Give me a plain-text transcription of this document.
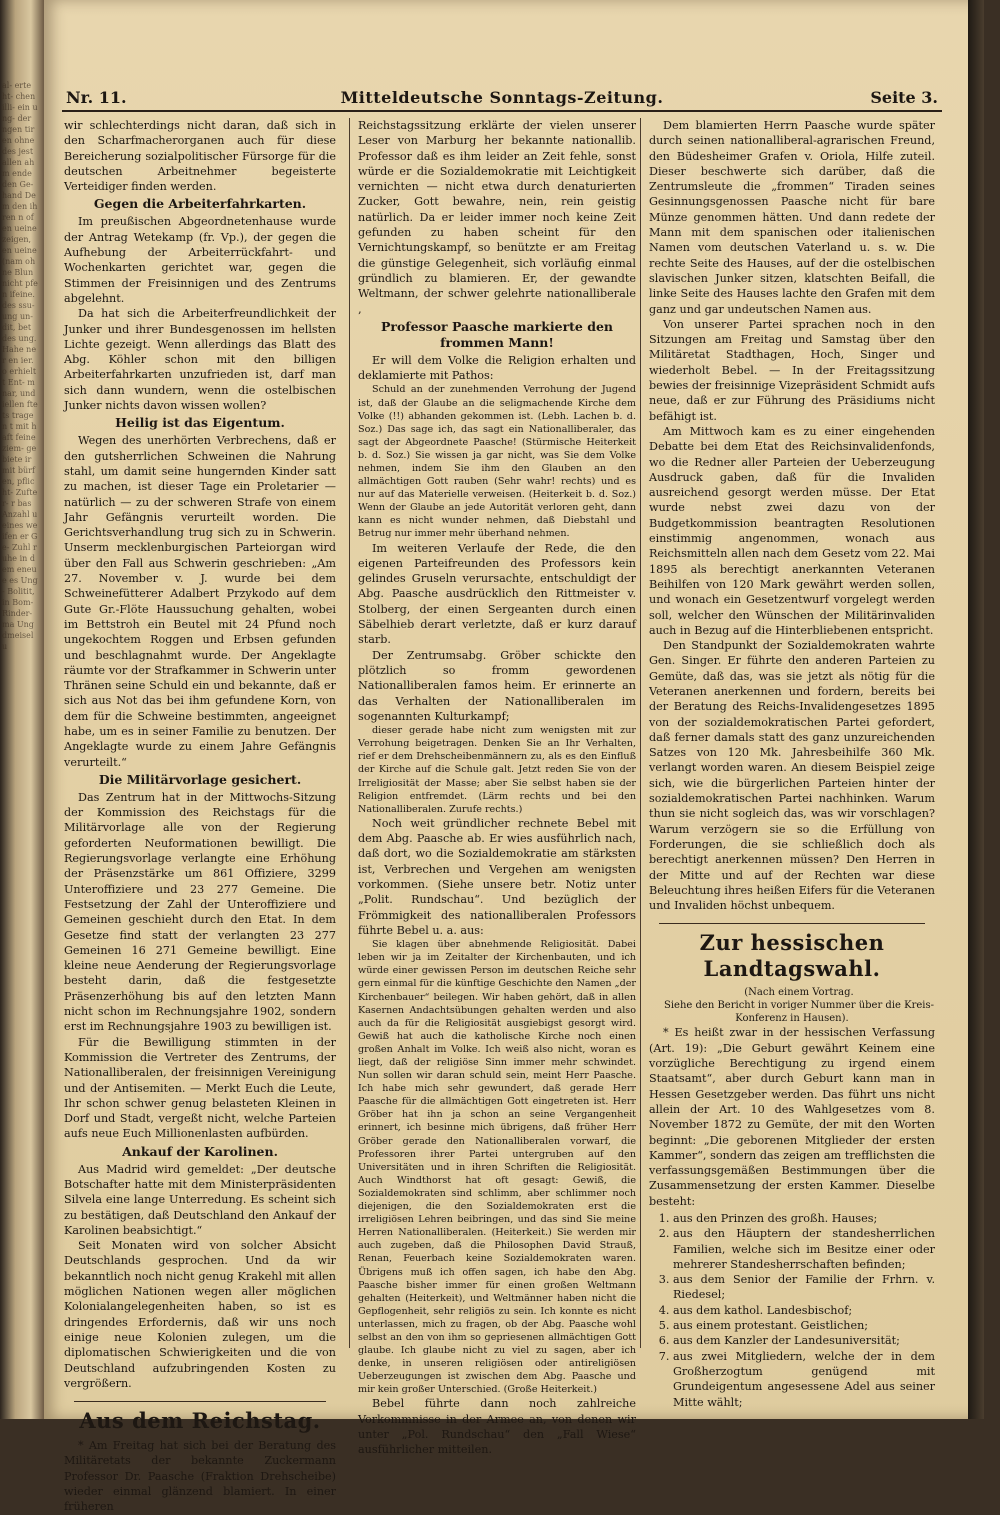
al- erte ht- chen illi- ein ung- der ngen tiren ohne des jest allen ahm ende den Ge- hand Dem den ihren n ofen ueine zeigen, en ueine (nam ohne Blun nicht pfen ifeine. des ssu- ung un- dit, bet des ung. Hahe ner en ier. o erhielt t Ent- mnar, und iellen ftets tragen t mit haft feine ziem- gebiete ir mit bürfen, pflicht- Zufter- r bas Anzahl ueines weifen er Ge- Zuhl ruhe in dem eneue es Ung- Bolitit, in Bom- Rinder- ma Ung dmeiselu
Nr. 11.	Mitteldeutsche Sonntags-Zeitung.	Seite 3.

wir schlechterdings nicht daran, daß sich in den Scharfmacherorganen auch für diese Bereicherung sozialpolitischer Fürsorge für die deutschen Arbeitnehmer begeisterte Verteidiger finden werden.

Gegen die Arbeiterfahrkarten.

Im preußischen Abgeordnetenhause wurde der Antrag Wetekamp (fr. Vp.), der gegen die Aufhebung der Arbeiterrückfahrt- und Wochenkarten gerichtet war, gegen die Stimmen der Freisinnigen und des Zentrums abgelehnt.

Da hat sich die Arbeiterfreundlichkeit der Junker und ihrer Bundesgenossen im hellsten Lichte gezeigt. Wenn allerdings das Blatt des Abg. Köhler schon mit den billigen Arbeiterfahrkarten unzufrieden ist, darf man sich dann wundern, wenn die ostelbischen Junker nichts davon wissen wollen?

Heilig ist das Eigentum.

Wegen des unerhörten Verbrechens, daß er den gutsherrlichen Schweinen die Nahrung stahl, um damit seine hungernden Kinder satt zu machen, ist dieser Tage ein Proletarier — natürlich — zu der schweren Strafe von einem Jahr Gefängnis verurteilt worden. Die Gerichtsverhandlung trug sich zu in Schwerin. Unserm mecklenburgischen Parteiorgan wird über den Fall aus Schwerin geschrieben: „Am 27. November v. J. wurde bei dem Schweinefütterer Adalbert Przykodo auf dem Gute Gr.-Flöte Haussuchung gehalten, wobei im Bettstroh ein Beutel mit 24 Pfund noch ungekochtem Roggen und Erbsen gefunden und beschlagnahmt wurde. Der Angeklagte räumte vor der Strafkammer in Schwerin unter Thränen seine Schuld ein und bekannte, daß er sich aus Not das bei ihm gefundene Korn, von dem für die Schweine bestimmten, angeeignet habe, um es in seiner Familie zu benutzen. Der Angeklagte wurde zu einem Jahre Gefängnis verurteilt.“

Die Militärvorlage gesichert.

Das Zentrum hat in der Mittwochs-Sitzung der Kommission des Reichstags für die Militärvorlage alle von der Regierung geforderten Neuformationen bewilligt. Die Regierungsvorlage verlangte eine Erhöhung der Präsenzstärke um 861 Offiziere, 3299 Unteroffiziere und 23 277 Gemeine. Die Festsetzung der Zahl der Unteroffiziere und Gemeinen geschieht durch den Etat. In dem Gesetze find statt der verlangten 23 277 Gemeinen 16 271 Gemeine bewilligt. Eine kleine neue Aenderung der Regierungsvorlage besteht darin, daß die festgesetzte Präsenzerhöhung bis auf den letzten Mann nicht schon im Rechnungsjahre 1902, sondern erst im Rechnungsjahre 1903 zu bewilligen ist.

Für die Bewilligung stimmten in der Kommission die Vertreter des Zentrums, der Nationalliberalen, der freisinnigen Vereinigung und der Antisemiten. — Merkt Euch die Leute, Ihr schon schwer genug belasteten Kleinen in Dorf und Stadt, vergeßt nicht, welche Parteien aufs neue Euch Millionenlasten aufbürden.

Ankauf der Karolinen.

Aus Madrid wird gemeldet: „Der deutsche Botschafter hatte mit dem Ministerpräsidenten Silvela eine lange Unterredung. Es scheint sich zu bestätigen, daß Deutschland den Ankauf der Karolinen beabsichtigt.“

Seit Monaten wird von solcher Absicht Deutschlands gesprochen. Und da wir bekanntlich noch nicht genug Krakehl mit allen möglichen Nationen wegen aller möglichen Kolonialangelegenheiten haben, so ist es dringendes Erfordernis, daß wir uns noch einige neue Kolonien zulegen, um die diplomatischen Schwierigkeiten und die von Deutschland aufzubringenden Kosten zu vergrößern.

Aus dem Reichstag.

* Am Freitag hat sich bei der Beratung des Militäretats der bekannte Zuckermann Professor Dr. Paasche (Fraktion Drehscheibe) wieder einmal glänzend blamiert. In einer früheren

Reichstagssitzung erklärte der vielen unserer Leser von Marburg her bekannte nationallib. Professor daß es ihm leider an Zeit fehle, sonst würde er die Sozialdemokratie mit Leichtigkeit vernichten — nicht etwa durch denaturierten Zucker, Gott bewahre, nein, rein geistig natürlich. Da er leider immer noch keine Zeit gefunden zu haben scheint für den Vernichtungskampf, so benützte er am Freitag die günstige Gelegenheit, sich vorläufig einmal gründlich zu blamieren. Er, der gewandte Weltmann, der schwer gelehrte nationalliberale ‚

Professor Paasche markierte den frommen Mann!

Er will dem Volke die Religion erhalten und deklamierte mit Pathos:

Schuld an der zunehmenden Verrohung der Jugend ist, daß der Glaube an die seligmachende Kirche dem Volke (!!) abhanden gekommen ist. (Lebh. Lachen b. d. Soz.) Das sage ich, das sagt ein Nationalliberaler, das sagt der Abgeordnete Paasche! (Stürmische Heiterkeit b. d. Soz.) Sie wissen ja gar nicht, was Sie dem Volke nehmen, indem Sie ihm den Glauben an den allmächtigen Gott rauben (Sehr wahr! rechts) und es nur auf das Materielle verweisen. (Heiterkeit b. d. Soz.) Wenn der Glaube an jede Autorität verloren geht, dann kann es nicht wunder nehmen, daß Diebstahl und Betrug nur immer mehr überhand nehmen.

Im weiteren Verlaufe der Rede, die den eigenen Parteifreunden des Professors kein gelindes Gruseln verursachte, entschuldigt der Abg. Paasche ausdrücklich den Rittmeister v. Stolberg, der einen Sergeanten durch einen Säbelhieb derart verletzte, daß er kurz darauf starb.

Der Zentrumsabg. Gröber schickte den plötzlich so fromm gewordenen Nationalliberalen famos heim. Er erinnerte an das Verhalten der Nationalliberalen im sogenannten Kulturkampf;

dieser gerade habe nicht zum wenigsten mit zur Verrohung beigetragen. Denken Sie an Ihr Verhalten, rief er dem Drehscheibenmännern zu, als es den Einfluß der Kirche auf die Schule galt. Jetzt reden Sie von der Irreligiosität der Masse; aber Sie selbst haben sie der Religion entfremdet. (Lärm rechts und bei den Nationalliberalen. Zurufe rechts.)

Noch weit gründlicher rechnete Bebel mit dem Abg. Paasche ab. Er wies ausführlich nach, daß dort, wo die Sozialdemokratie am stärksten ist, Verbrechen und Vergehen am wenigsten vorkommen. (Siehe unsere betr. Notiz unter „Polit. Rundschau“. Und bezüglich der Frömmigkeit des nationalliberalen Professors führte Bebel u. a. aus:

Sie klagen über abnehmende Religiosität. Dabei leben wir ja im Zeitalter der Kirchenbauten, und ich würde einer gewissen Person im deutschen Reiche sehr gern einmal für die künftige Geschichte den Namen „der Kirchenbauer“ beilegen. Wir haben gehört, daß in allen Kasernen Andachtsübungen gehalten werden und also auch da für die Religiosität ausgiebigst gesorgt wird. Gewiß hat auch die katholische Kirche noch einen großen Anhalt im Volke. Ich weiß also nicht, woran es liegt, daß der religiöse Sinn immer mehr schwindet. Nun sollen wir daran schuld sein, meint Herr Paasche. Ich habe mich sehr gewundert, daß gerade Herr Paasche für die allmächtigen Gott eingetreten ist. Herr Gröber hat ihn ja schon an seine Vergangenheit erinnert, ich besinne mich übrigens, daß früher Herr Gröber gerade den Nationalliberalen vorwarf, die Professoren ihrer Partei untergruben auf den Universitäten und in ihren Schriften die Religiosität. Auch Windthorst hat oft gesagt: Gewiß, die Sozialdemokraten sind schlimm, aber schlimmer noch diejenigen, die den Sozialdemokraten erst die irreligiösen Lehren beibringen, und das sind Sie meine Herren Nationalliberalen. (Heiterkeit.) Sie werden mir auch zugeben, daß die Philosophen David Strauß, Renan, Feuerbach keine Sozialdemokraten waren. Übrigens muß ich offen sagen, ich habe den Abg. Paasche bisher immer für einen großen Weltmann gehalten (Heiterkeit), und Weltmänner haben nicht die Gepflogenheit, sehr religiös zu sein. Ich konnte es nicht unterlassen, mich zu fragen, ob der Abg. Paasche wohl selbst an den von ihm so gepriesenen allmächtigen Gott glaube. Ich glaube nicht zu viel zu sagen, aber ich denke, in unseren religiösen oder antireligiösen Ueberzeugungen ist zwischen dem Abg. Paasche und mir kein großer Unterschied. (Große Heiterkeit.)

Bebel führte dann noch zahlreiche Vorkommnisse in der Armee an, von denen wir unter „Pol. Rundschau“ den „Fall Wiese“ ausführlicher mitteilen.

Dem blamierten Herrn Paasche wurde später durch seinen nationalliberal-agrarischen Freund, den Büdesheimer Grafen v. Oriola, Hilfe zuteil. Dieser beschwerte sich darüber, daß die Zentrumsleute die „frommen“ Tiraden seines Gesinnungsgenossen Paasche nicht für bare Münze genommen hätten. Und dann redete der Mann mit dem spanischen oder italienischen Namen vom deutschen Vaterland u. s. w. Die rechte Seite des Hauses, auf der die ostelbischen slavischen Junker sitzen, klatschten Beifall, die linke Seite des Hauses lachte den Grafen mit dem ganz und gar undeutschen Namen aus.

Von unserer Partei sprachen noch in den Sitzungen am Freitag und Samstag über den Militäretat Stadthagen, Hoch, Singer und wiederholt Bebel. — In der Freitagssitzung bewies der freisinnige Vizepräsident Schmidt aufs neue, daß er zur Führung des Präsidiums nicht befähigt ist.

Am Mittwoch kam es zu einer eingehenden Debatte bei dem Etat des Reichsinvalidenfonds, wo die Redner aller Parteien der Ueberzeugung Ausdruck gaben, daß für die Invaliden ausreichend gesorgt werden müsse. Der Etat wurde nebst zwei dazu von der Budgetkommission beantragten Resolutionen einstimmig angenommen, wonach aus Reichsmitteln allen nach dem Gesetz vom 22. Mai 1895 als berechtigt anerkannten Veteranen Beihilfen von 120 Mark gewährt werden sollen, und wonach ein Gesetzentwurf vorgelegt werden soll, welcher den Wünschen der Militärinvaliden auch in Bezug auf die Hinterbliebenen entspricht.

Den Standpunkt der Sozialdemokraten wahrte Gen. Singer. Er führte den anderen Parteien zu Gemüte, daß das, was sie jetzt als nötig für die Veteranen anerkennen und fordern, bereits bei der Beratung des Reichs-Invalidengesetzes 1895 von der sozialdemokratischen Partei gefordert, daß ferner damals statt des ganz unzureichenden Satzes von 120 Mk. Jahresbeihilfe 360 Mk. verlangt worden waren. An diesem Beispiel zeige sich, wie die bürgerlichen Parteien hinter der sozialdemokratischen Partei nachhinken. Warum thun sie nicht sogleich das, was wir vorschlagen? Warum verzögern sie so die Erfüllung von Forderungen, die sie schließlich doch als berechtigt anerkennen müssen? Den Herren in der Mitte und auf der Rechten war diese Beleuchtung ihres heißen Eifers für die Veteranen und Invaliden höchst unbequem.

Zur hessischen Landtagswahl.

(Nach einem Vortrag.

Siehe den Bericht in voriger Nummer über die Kreis-Konferenz in Hausen).

* Es heißt zwar in der hessischen Verfassung (Art. 19): „Die Geburt gewährt Keinem eine vorzügliche Berechtigung zu irgend einem Staatsamt“, aber durch Geburt kann man in Hessen Gesetzgeber werden. Das führt uns nicht allein der Art. 10 des Wahlgesetzes vom 8. November 1872 zu Gemüte, der mit den Worten beginnt: „Die geborenen Mitglieder der ersten Kammer“, sondern das zeigen am trefflichsten die verfassungsgemäßen Bestimmungen über die Zusammensetzung der ersten Kammer. Dieselbe besteht:

1. aus den Prinzen des großh. Hauses;
2. aus den Häuptern der standesherrlichen Familien, welche sich im Besitze einer oder mehrerer Standesherrschaften befinden;
3. aus dem Senior der Familie der Frhrn. v. Riedesel;
4. aus dem kathol. Landesbischof;
5. aus einem protestant. Geistlichen;
6. aus dem Kanzler der Landesuniversität;
7. aus zwei Mitgliedern, welche der in dem Großherzogtum genügend mit Grundeigentum angesessene Adel aus seiner Mitte wählt;
